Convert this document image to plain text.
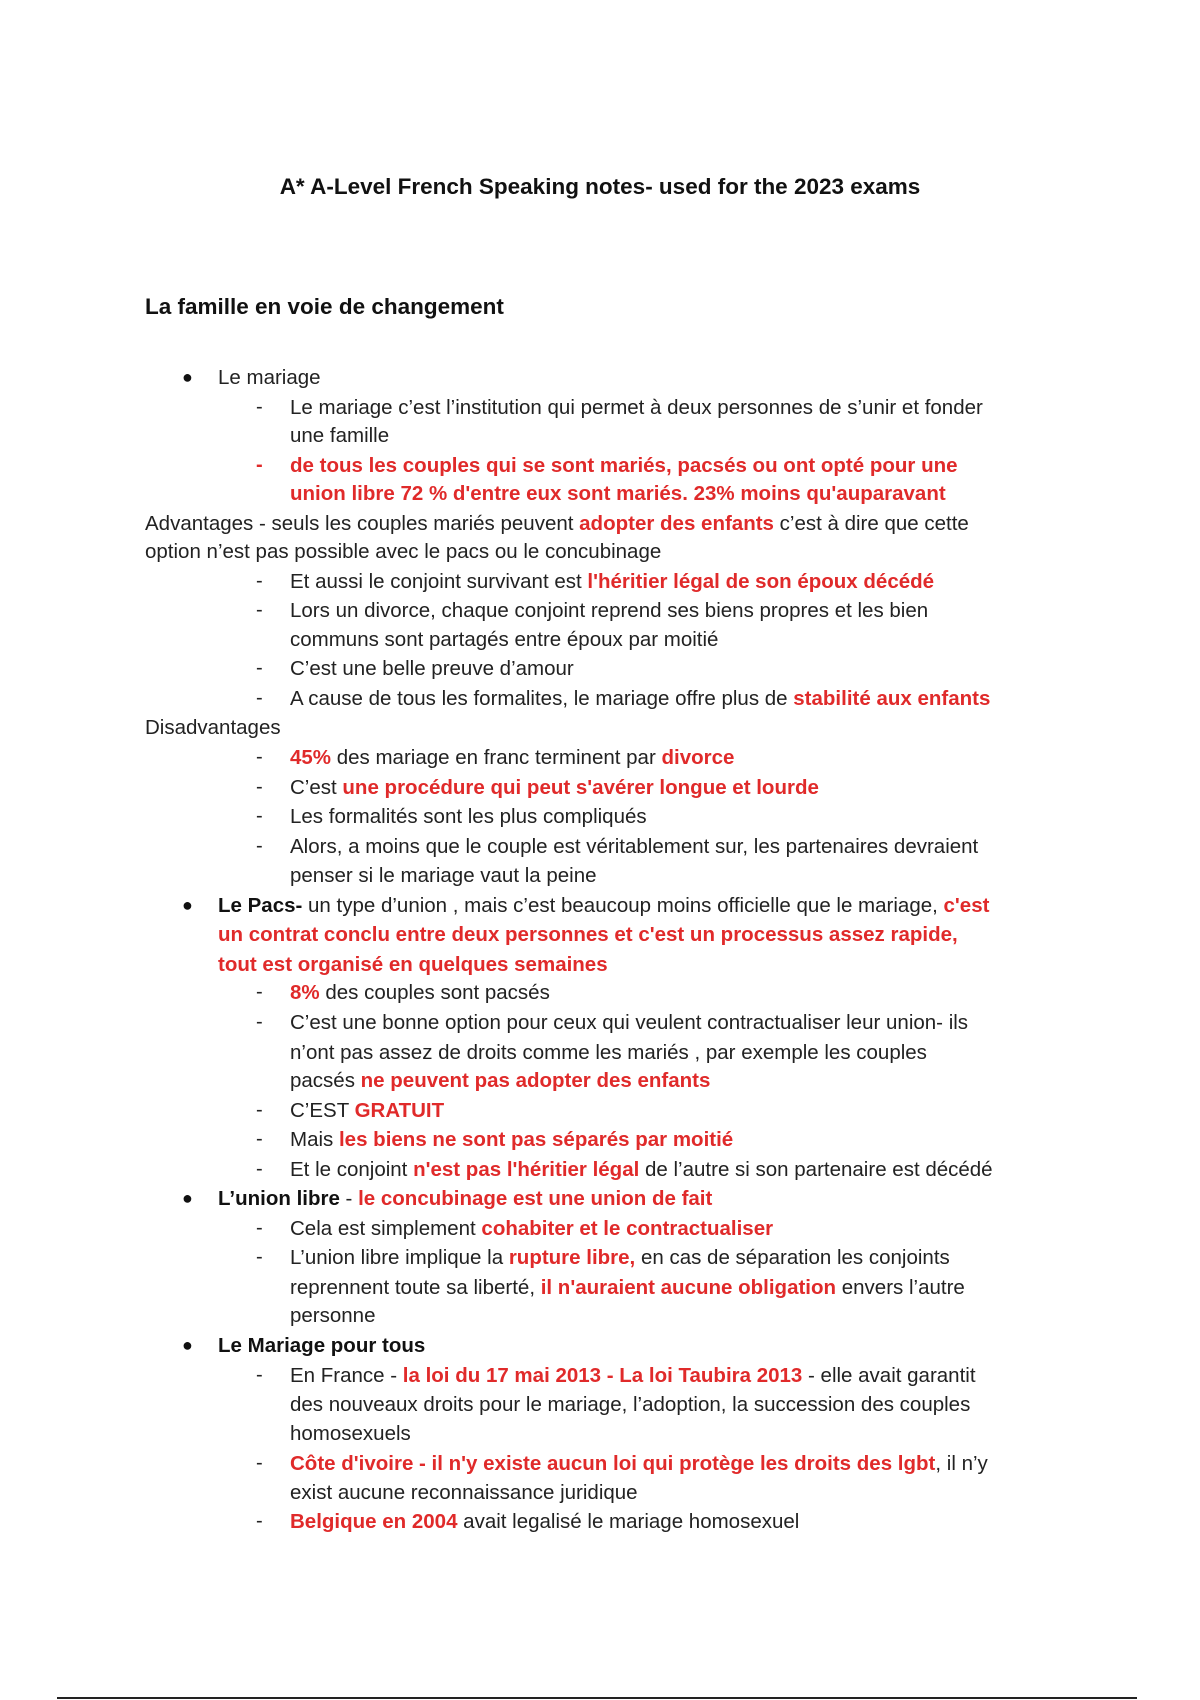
A* A-Level French Speaking notes- used for the 2023 exams
La famille en voie de changement
● Le mariage
- Le mariage c’est l’institution qui permet à deux personnes de s’unir et fonder
une famille
- de tous les couples qui se sont mariés, pacsés ou ont opté pour une
union libre 72 % d'entre eux sont mariés. 23% moins qu'auparavant
Advantages - seuls les couples mariés peuvent adopter des enfants c’est à dire que cette
option n’est pas possible avec le pacs ou le concubinage
- Et aussi le conjoint survivant est l'héritier légal de son époux décédé
- Lors un divorce, chaque conjoint reprend ses biens propres et les bien
communs sont partagés entre époux par moitié
- C’est une belle preuve d’amour
- A cause de tous les formalites, le mariage offre plus de stabilité aux enfants
Disadvantages
- 45% des mariage en franc terminent par divorce
- C’est une procédure qui peut s'avérer longue et lourde
- Les formalités sont les plus compliqués
- Alors, a moins que le couple est véritablement sur, les partenaires devraient
penser si le mariage vaut la peine
● Le Pacs- un type d’union , mais c’est beaucoup moins officielle que le mariage, c'est
un contrat conclu entre deux personnes et c'est un processus assez rapide,
tout est organisé en quelques semaines
- 8% des couples sont pacsés
- C’est une bonne option pour ceux qui veulent contractualiser leur union- ils
n’ont pas assez de droits comme les mariés , par exemple les couples
pacsés ne peuvent pas adopter des enfants
- C’EST GRATUIT
- Mais les biens ne sont pas séparés par moitié
- Et le conjoint n'est pas l'héritier légal de l’autre si son partenaire est décédé
● L’union libre - le concubinage est une union de fait
- Cela est simplement cohabiter et le contractualiser
- L’union libre implique la rupture libre, en cas de séparation les conjoints
reprennent toute sa liberté, il n'auraient aucune obligation envers l’autre
personne
● Le Mariage pour tous
- En France - la loi du 17 mai 2013 - La loi Taubira 2013 - elle avait garantit
des nouveaux droits pour le mariage, l’adoption, la succession des couples
homosexuels
- Côte d'ivoire - il n'y existe aucun loi qui protège les droits des lgbt, il n’y
exist aucune reconnaissance juridique
- Belgique en 2004 avait legalisé le mariage homosexuel
